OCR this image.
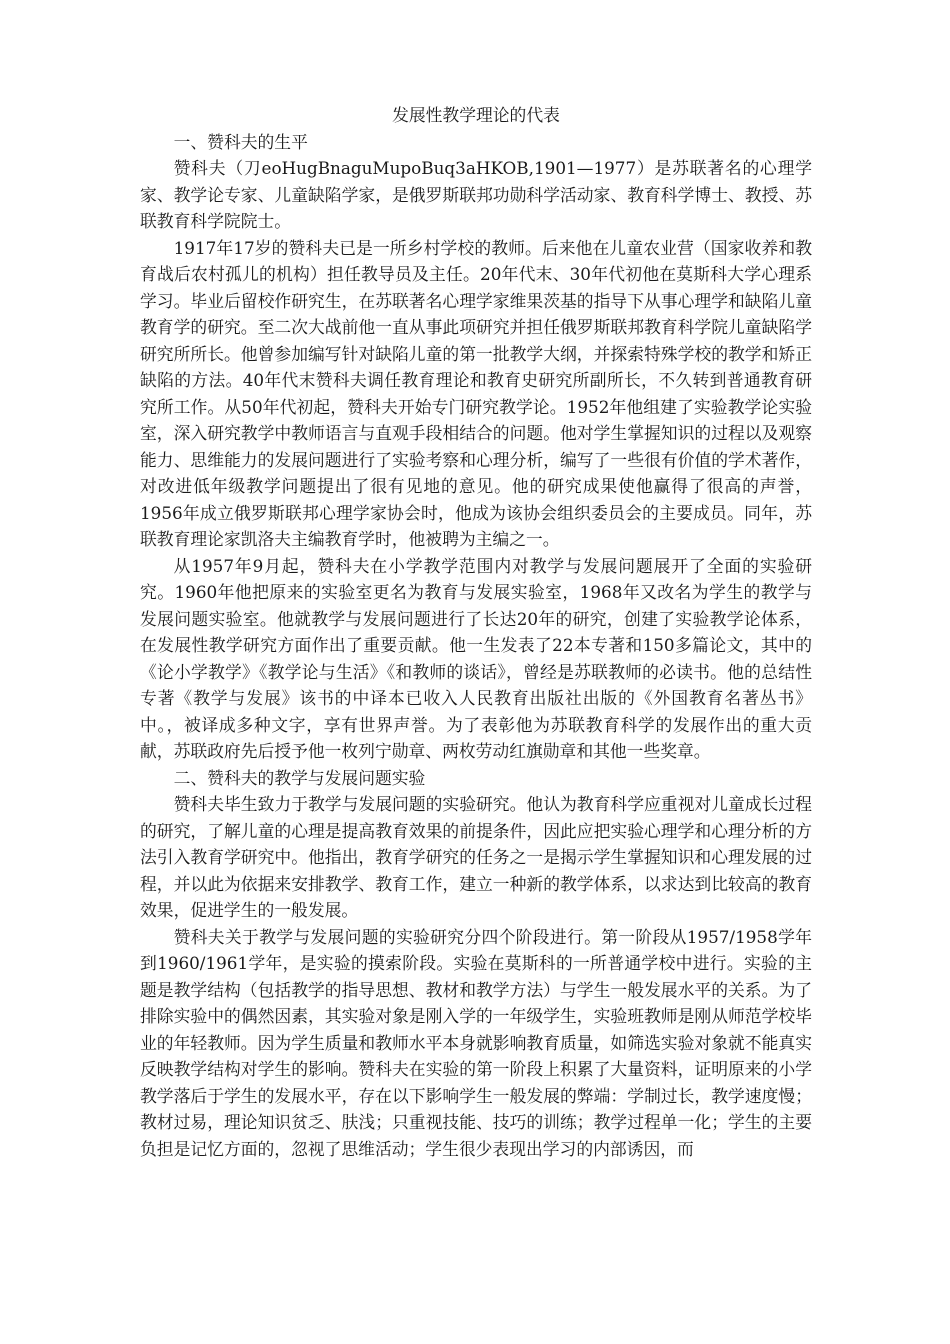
发展性教学理论的代表

一、赞科夫的生平

赞科夫（刀eoHugBnaguMupoBuq3aHKOB,1901—1977）是苏联著名的心理学家、教学论专家、儿童缺陷学家，是俄罗斯联邦功勋科学活动家、教育科学博士、教授、苏联教育科学院院士。

1917年17岁的赞科夫已是一所乡村学校的教师。后来他在儿童农业营（国家收养和教育战后农村孤儿的机构）担任教导员及主任。20年代末、30年代初他在莫斯科大学心理系学习。毕业后留校作研究生，在苏联著名心理学家维果茨基的指导下从事心理学和缺陷儿童教育学的研究。至二次大战前他一直从事此项研究并担任俄罗斯联邦教育科学院儿童缺陷学研究所所长。他曾参加编写针对缺陷儿童的第一批教学大纲，并探索特殊学校的教学和矫正缺陷的方法。40年代末赞科夫调任教育理论和教育史研究所副所长，不久转到普通教育研究所工作。从50年代初起，赞科夫开始专门研究教学论。1952年他组建了实验教学论实验室，深入研究教学中教师语言与直观手段相结合的问题。他对学生掌握知识的过程以及观察能力、思维能力的发展问题进行了实验考察和心理分析，编写了一些很有价值的学术著作，对改进低年级教学问题提出了很有见地的意见。他的研究成果使他赢得了很高的声誉，1956年成立俄罗斯联邦心理学家协会时，他成为该协会组织委员会的主要成员。同年，苏联教育理论家凯洛夫主编教育学时，他被聘为主编之一。

从1957年9月起，赞科夫在小学教学范围内对教学与发展问题展开了全面的实验研究。1960年他把原来的实验室更名为教育与发展实验室，1968年又改名为学生的教学与发展问题实验室。他就教学与发展问题进行了长达20年的研究，创建了实验教学论体系，在发展性教学研究方面作出了重要贡献。他一生发表了22本专著和150多篇论文，其中的《论小学教学》《教学论与生活》《和教师的谈话》，曾经是苏联教师的必读书。他的总结性专著《教学与发展》该书的中译本已收入人民教育出版社出版的《外国教育名著丛书》中。，被译成多种文字，享有世界声誉。为了表彰他为苏联教育科学的发展作出的重大贡献，苏联政府先后授予他一枚列宁勋章、两枚劳动红旗勋章和其他一些奖章。

二、赞科夫的教学与发展问题实验

赞科夫毕生致力于教学与发展问题的实验研究。他认为教育科学应重视对儿童成长过程的研究，了解儿童的心理是提高教育效果的前提条件，因此应把实验心理学和心理分析的方法引入教育学研究中。他指出，教育学研究的任务之一是揭示学生掌握知识和心理发展的过程，并以此为依据来安排教学、教育工作，建立一种新的教学体系，以求达到比较高的教育效果，促进学生的一般发展。

赞科夫关于教学与发展问题的实验研究分四个阶段进行。第一阶段从1957/1958学年到1960/1961学年，是实验的摸索阶段。实验在莫斯科的一所普通学校中进行。实验的主题是教学结构（包括教学的指导思想、教材和教学方法）与学生一般发展水平的关系。为了排除实验中的偶然因素，其实验对象是刚入学的一年级学生，实验班教师是刚从师范学校毕业的年轻教师。因为学生质量和教师水平本身就影响教育质量，如筛选实验对象就不能真实反映教学结构对学生的影响。赞科夫在实验的第一阶段上积累了大量资料，证明原来的小学教学落后于学生的发展水平，存在以下影响学生一般发展的弊端：学制过长，教学速度慢；教材过易，理论知识贫乏、肤浅；只重视技能、技巧的训练；教学过程单一化；学生的主要负担是记忆方面的，忽视了思维活动；学生很少表现出学习的内部诱因，而
